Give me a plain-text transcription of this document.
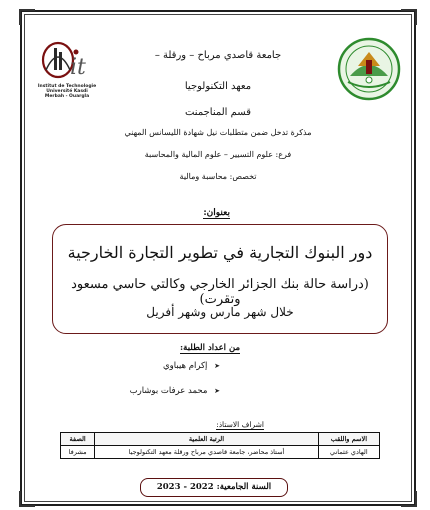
it
Institut de Technologie Université Kasdi Merbah - Ouargla
جامعة قاصدي مرباح – ورقلة –
معهد التكنولوجيا
قسم المناجمنت
مذكرة تدخل ضمن متطلبات نيل شهادة الليسانس المهني
فرع: علوم التسيير – علوم المالية والمحاسبة
تخصص: محاسبة ومالية
بعنوان:
دور البنوك التجارية في تطوير التجارة الخارجية
(دراسة حالة بنك الجزائر الخارجي وكالتي حاسي مسعود وتقرت)
خلال شهر مارس وشهر أفريل
من اعداد الطلبة:
➤ إكرام هيباوي
➤ محمد عرفات بوشارب
اشراف الاستاذ:
الاسم واللقب	الرتبة العلمية	الصفة
الهادي عثماني	أستاذ محاضر، جامعة قاصدي مرباح ورقلة معهد التكنولوجيا	مشرفا
السنة الجامعية: 2022 - 2023
